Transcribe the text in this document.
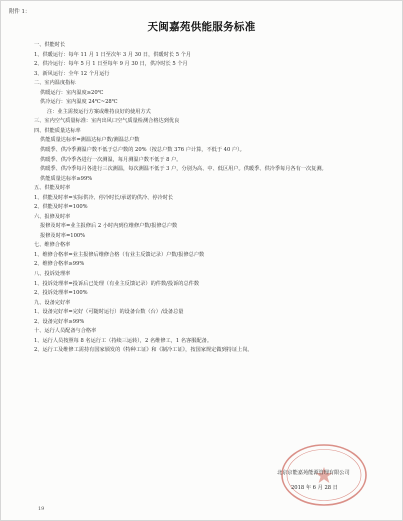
附件 1：
天闽嘉苑供能服务标准
一、供能时长
1、供暖运行：每年 11 月 1 日至次年 3 月 30 日，供暖时长 5 个月
2、供冷运行：每年 5 月 1 日至每年 9 月 30 日，供冷时长 5 个月
3、新风运行：全年 12 个月运行
二、室内温度指标
供暖运行：室内温度≥20℃
供冷运行：室内温度 24℃~28℃
注：业主需按运行方案或维持良好的使用方式
三、室内空气质量标准：室内出风口空气质量检测合格达到优良
四、供能质量达标率
供能质量达标率=测温达标户数/测温总户数
供暖季、供冷季测温户数不低于总户数的 20%（按总户数 376 户计算，不低于 40 户）。
供暖季、供冷季各进行一次测温，每月测温户数不低于 8 户。
供暖季、供冷季每月各进行三次测温，每次测温不低于 3 户，分别为高、中、低区用户。供暖季、供冷季每月各有一次复测。
供能质量达标率≥99%
五、供能及时率
1、供能及时率=实际供冷、停冷时长/承诺的供冷、停冷时长
2、供能及时率=100%
六、报修及时率
报修及时率=业主报修后 2 小时内到位维修户数/报修总户数
报修及时率=100%
七、维修合格率
1、维修合格率=业主报修后维修合格（有业主反馈记录）户数/报修总户数
2、维修合格率≥99%
八、投诉处理率
1、投诉处理率=投诉后已处理（有业主反馈记录）的件数/投诉的总件数
2、投诉处理率=100%
九、设备完好率
1、设备完好率=完好（可随时运行）的设备台数（台）/设备总量
2、设备完好率≥99%
十、运行人员配备与合格率
1、运行人员按照每 8 名运行工（持续三运转），2 名维修工，1 名客服配备。
2、运行工及维修工需持有国家颁发的《特种工证》和《制冷工证》，按国家规定做到持证上岗。
北京京能嘉苑能源管理有限公司
2018 年 6 月 28 日
19
